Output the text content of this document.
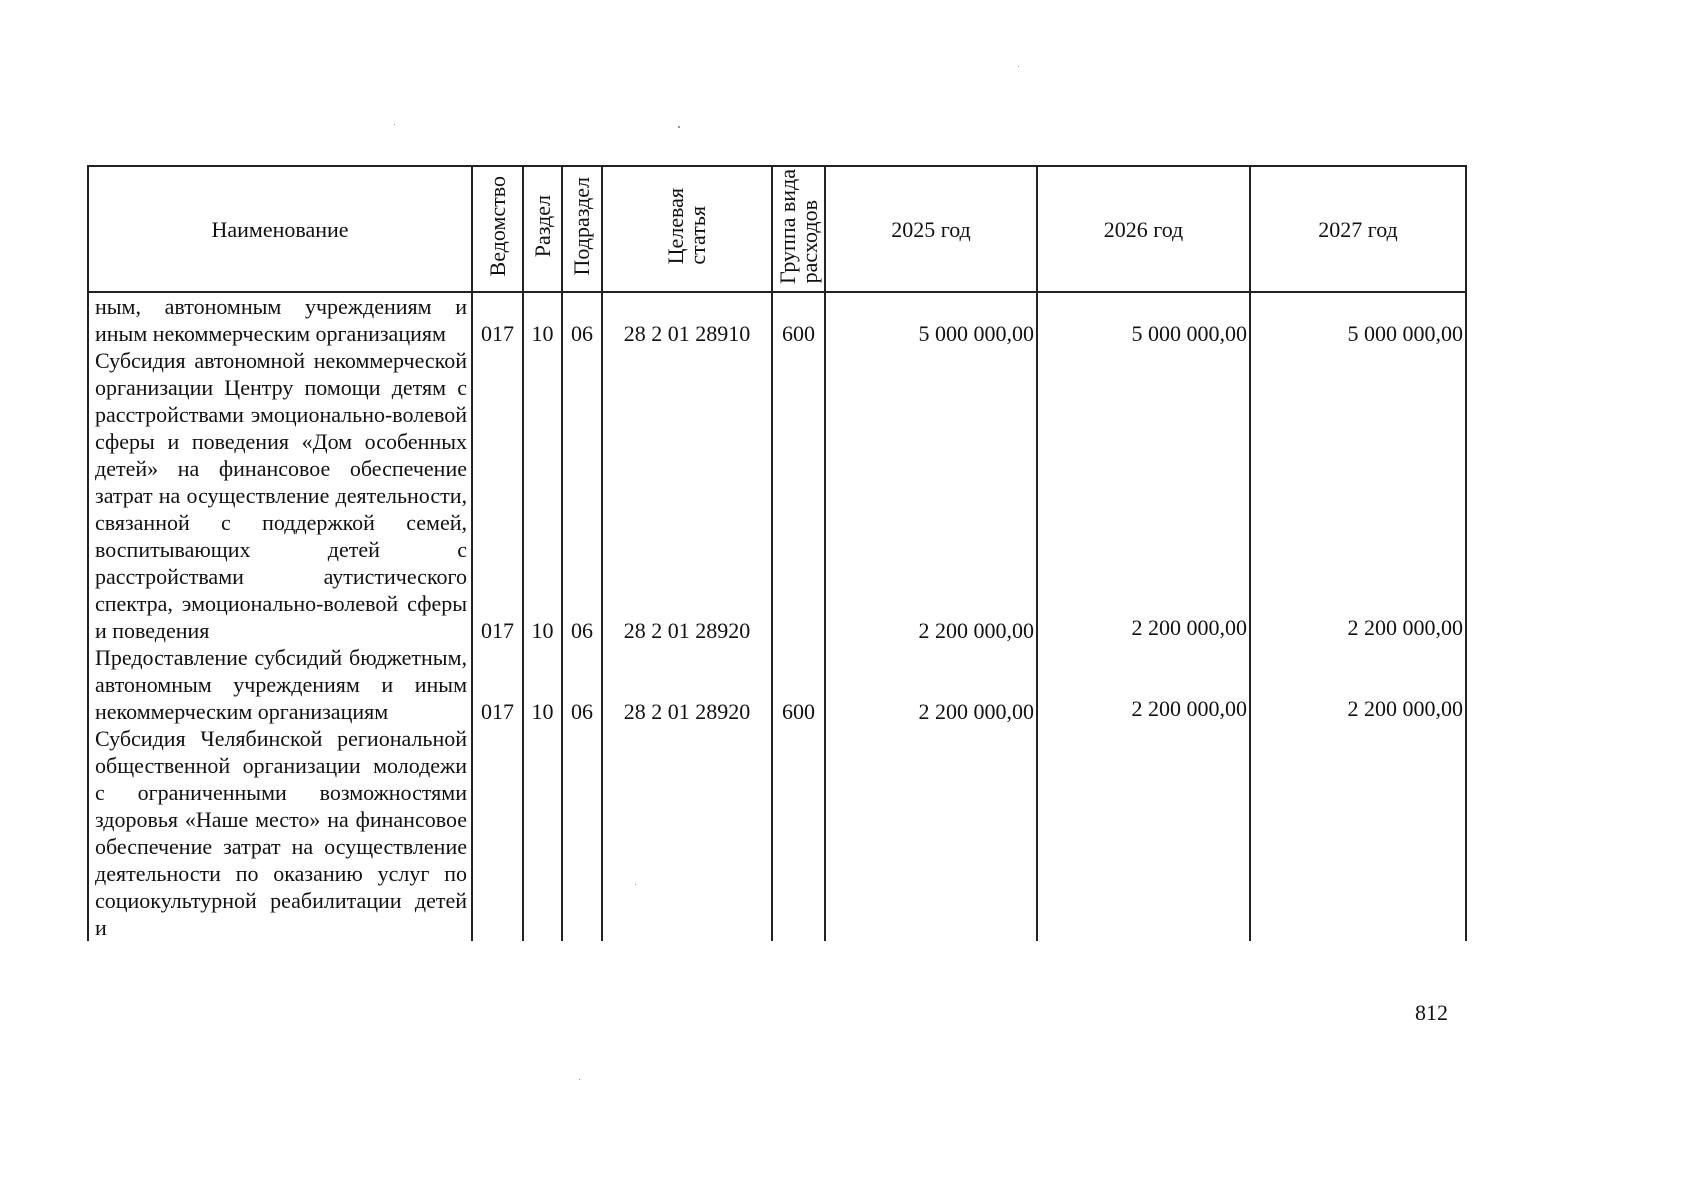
Наименование	Ведомство	Раздел	Подраздел	Целеваястатья	Группа видарасходов	2025 год	2026 год	2027 год

ным, автономным учреждениям и иным некоммерческим организациям	017	10	06	28 2 01 28910	600	5 000 000,00	5 000 000,00	5 000 000,00

Субсидия автономной некоммерческой организации Центру помощи детям с расстройствами эмоционально-волевой сферы и поведения «Дом особенных детей» на финансовое обеспечение затрат на осуществление деятельности, связанной с поддержкой семей, воспитывающих детей с расстройствами аутистического спектра, эмоционально-волевой сферы и поведения	017	10	06	28 2 01 28920		2 200 000,00	2 200 000,00	2 200 000,00

Предоставление субсидий бюджетным, автономным учреждениям и иным некоммерческим организациям	017	10	06	28 2 01 28920	600	2 200 000,00	2 200 000,00	2 200 000,00

Субсидия Челябинской региональной общественной организации молодежи с ограниченными возможностями здоровья «Наше место» на финансовое обеспечение затрат на осуществление деятельности по оказанию услуг по социокультурной реабилитации детей и								

812
